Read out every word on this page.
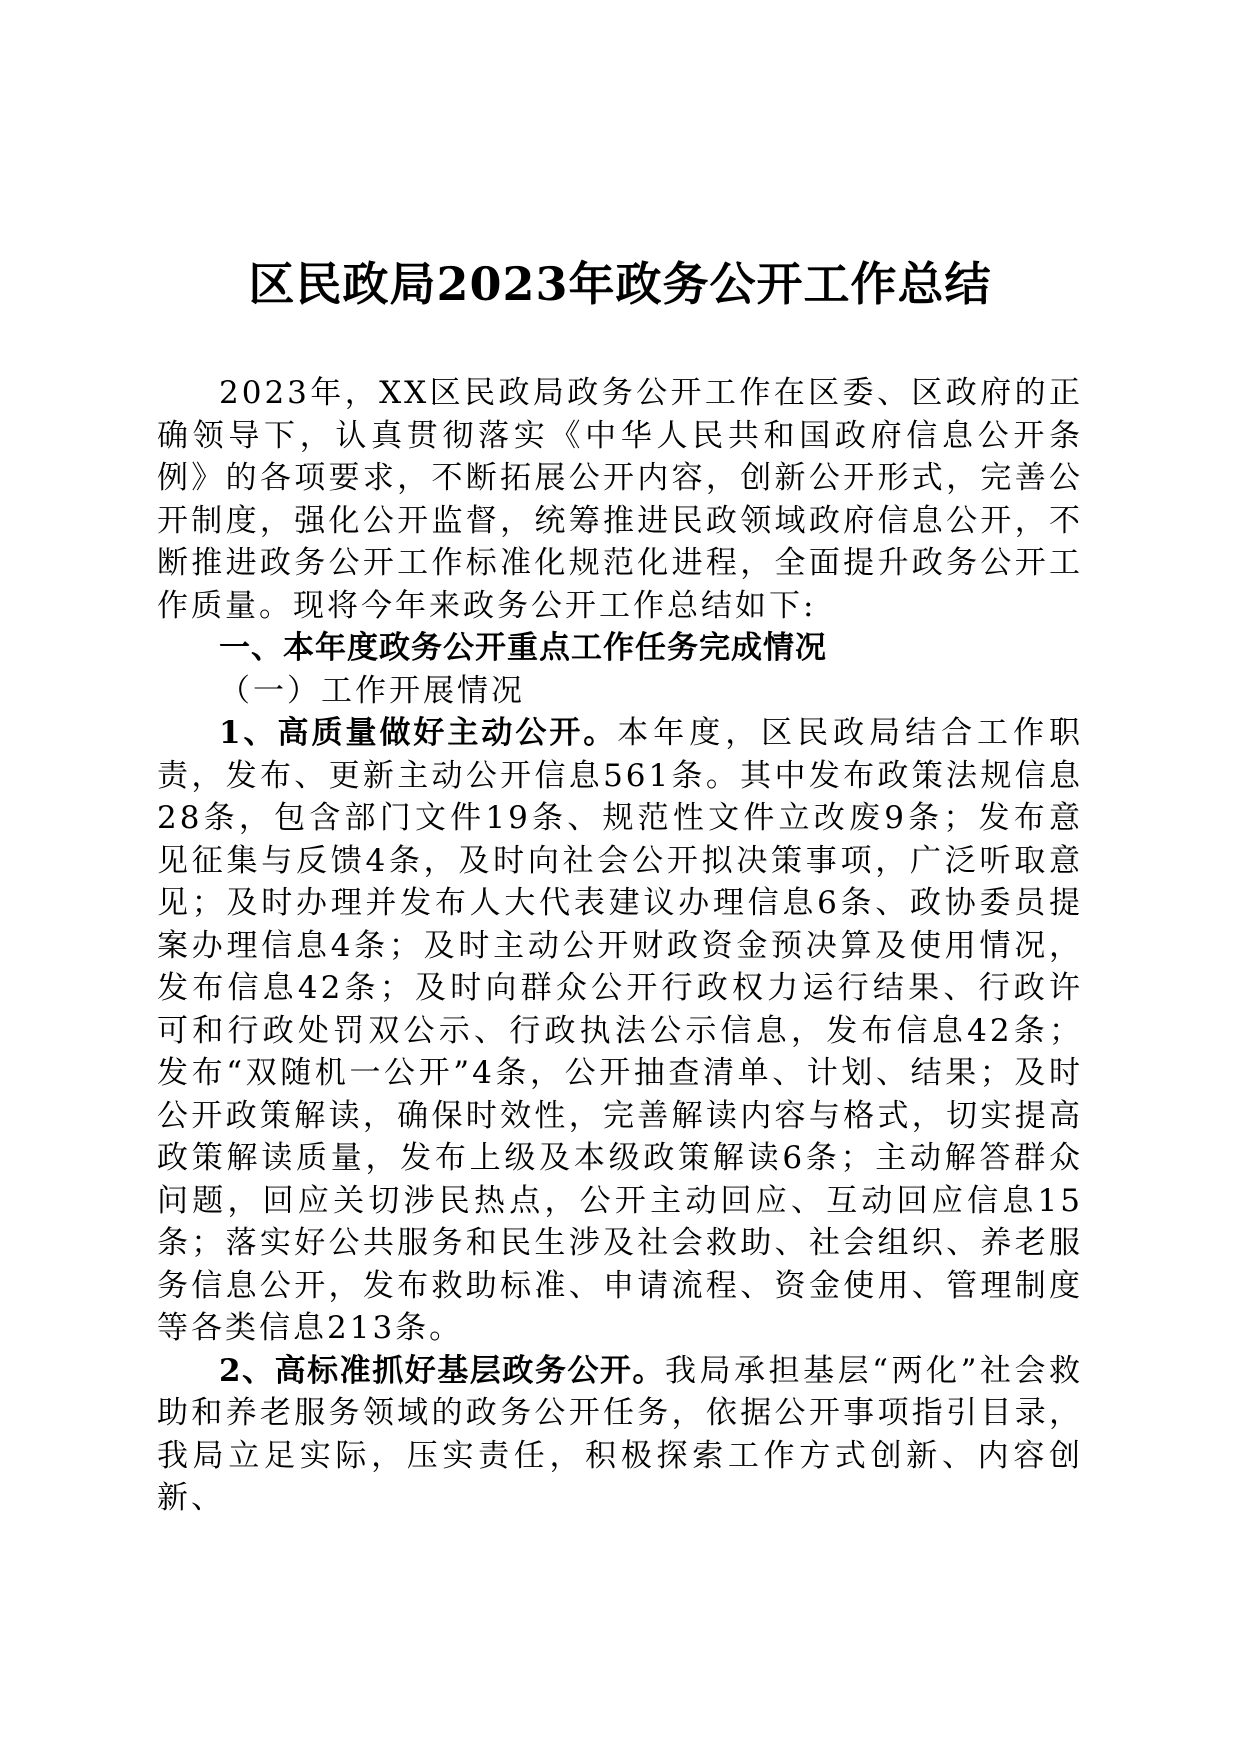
区民政局2023年政务公开工作总结

2023年，XX区民政局政务公开工作在区委、区政府的正确领导下，认真贯彻落实《中华人民共和国政府信息公开条例》的各项要求，不断拓展公开内容，创新公开形式，完善公开制度，强化公开监督，统筹推进民政领域政府信息公开，不断推进政务公开工作标准化规范化进程，全面提升政务公开工作质量。现将今年来政务公开工作总结如下:

一、本年度政务公开重点工作任务完成情况

（一）工作开展情况

1、高质量做好主动公开。本年度，区民政局结合工作职责，发布、更新主动公开信息561条。其中发布政策法规信息28条，包含部门文件19条、规范性文件立改废9条；发布意见征集与反馈4条，及时向社会公开拟决策事项，广泛听取意见；及时办理并发布人大代表建议办理信息6条、政协委员提案办理信息4条；及时主动公开财政资金预决算及使用情况，发布信息42条；及时向群众公开行政权力运行结果、行政许可和行政处罚双公示、行政执法公示信息，发布信息42条；发布“双随机一公开”4条，公开抽查清单、计划、结果；及时公开政策解读，确保时效性，完善解读内容与格式，切实提高政策解读质量，发布上级及本级政策解读6条；主动解答群众问题，回应关切涉民热点，公开主动回应、互动回应信息15条；落实好公共服务和民生涉及社会救助、社会组织、养老服务信息公开，发布救助标准、申请流程、资金使用、管理制度等各类信息213条。

2、高标准抓好基层政务公开。我局承担基层“两化”社会救助和养老服务领域的政务公开任务，依据公开事项指引目录，我局立足实际，压实责任，积极探索工作方式创新、内容创新、
